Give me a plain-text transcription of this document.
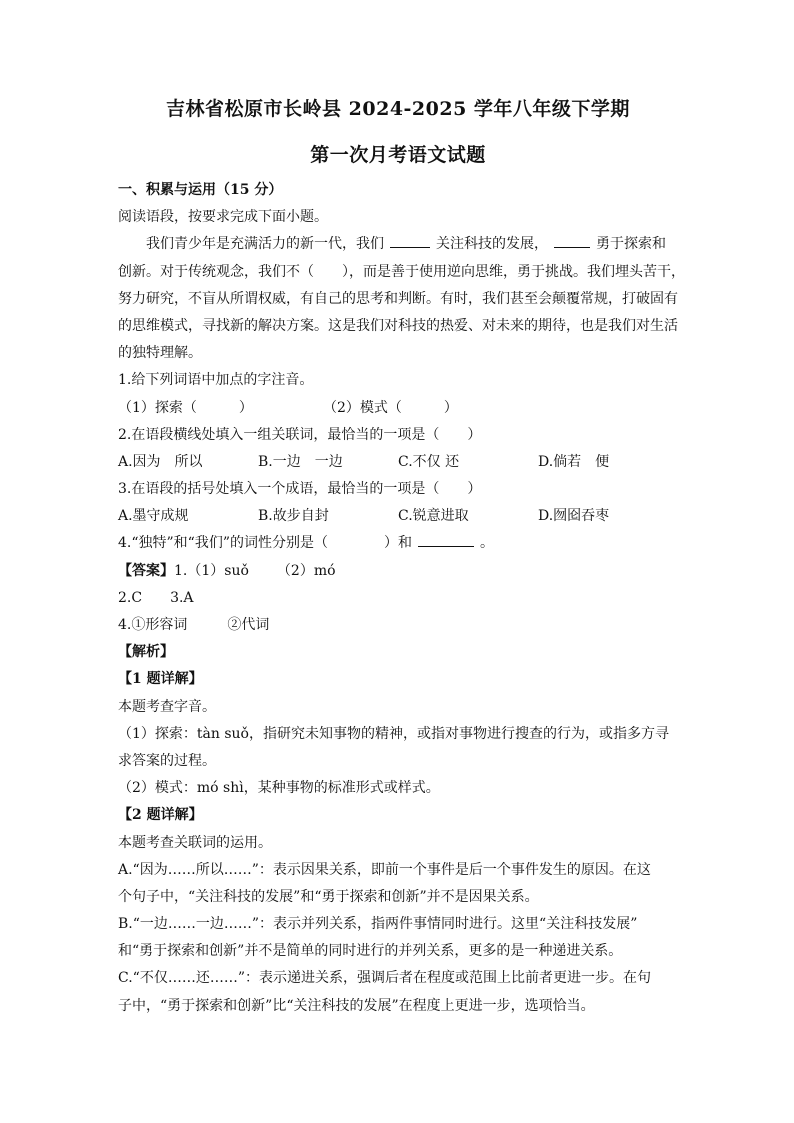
吉林省松原市长岭县 2024-2025 学年八年级下学期
第一次月考语文试题
一、积累与运用（15 分）
阅读语段，按要求完成下面小题。
我们青少年是充满活力的新一代，我们	关注科技的发展，	勇于探索和
创新。对于传统观念，我们不（　　），而是善于使用逆向思维，勇于挑战。我们埋头苦干，
努力研究，不盲从所谓权威，有自己的思考和判断。有时，我们甚至会颠覆常规，打破固有
的思维模式，寻找新的解决方案。这是我们对科技的热爱、对未来的期待，也是我们对生活
的独特理解。
1.给下列词语中加点的字注音。
（1）探索（　　　）	（2）模式（　　　）
2.在语段横线处填入一组关联词，最恰当的一项是（　　）
A.因为　所以	B.一边　一边	C.不仅 还	D.倘若　便
3.在语段的括号处填入一个成语，最恰当的一项是（　　）
A.墨守成规	B.故步自封	C.锐意进取	D.囫囵吞枣
4.“独特”和“我们”的词性分别是（　　　　）和	。
【答案】1.（1）suǒ （2）mó
2.C 3.A
4.①形容词	②代词
【解析】
【1 题详解】
本题考查字音。
（1）探索：tàn suǒ，指研究未知事物的精神，或指对事物进行搜查的行为，或指多方寻
求答案的过程。
（2）模式：mó shì，某种事物的标准形式或样式。
【2 题详解】
本题考查关联词的运用。
A.“因为……所以……”：表示因果关系，即前一个事件是后一个事件发生的原因。在这
个句子中，“关注科技的发展”和“勇于探索和创新”并不是因果关系。
B.“一边……一边……”：表示并列关系，指两件事情同时进行。这里“关注科技发展”
和“勇于探索和创新”并不是简单的同时进行的并列关系，更多的是一种递进关系。
C.“不仅……还……”：表示递进关系，强调后者在程度或范围上比前者更进一步。在句
子中，“勇于探索和创新”比“关注科技的发展”在程度上更进一步，选项恰当。
